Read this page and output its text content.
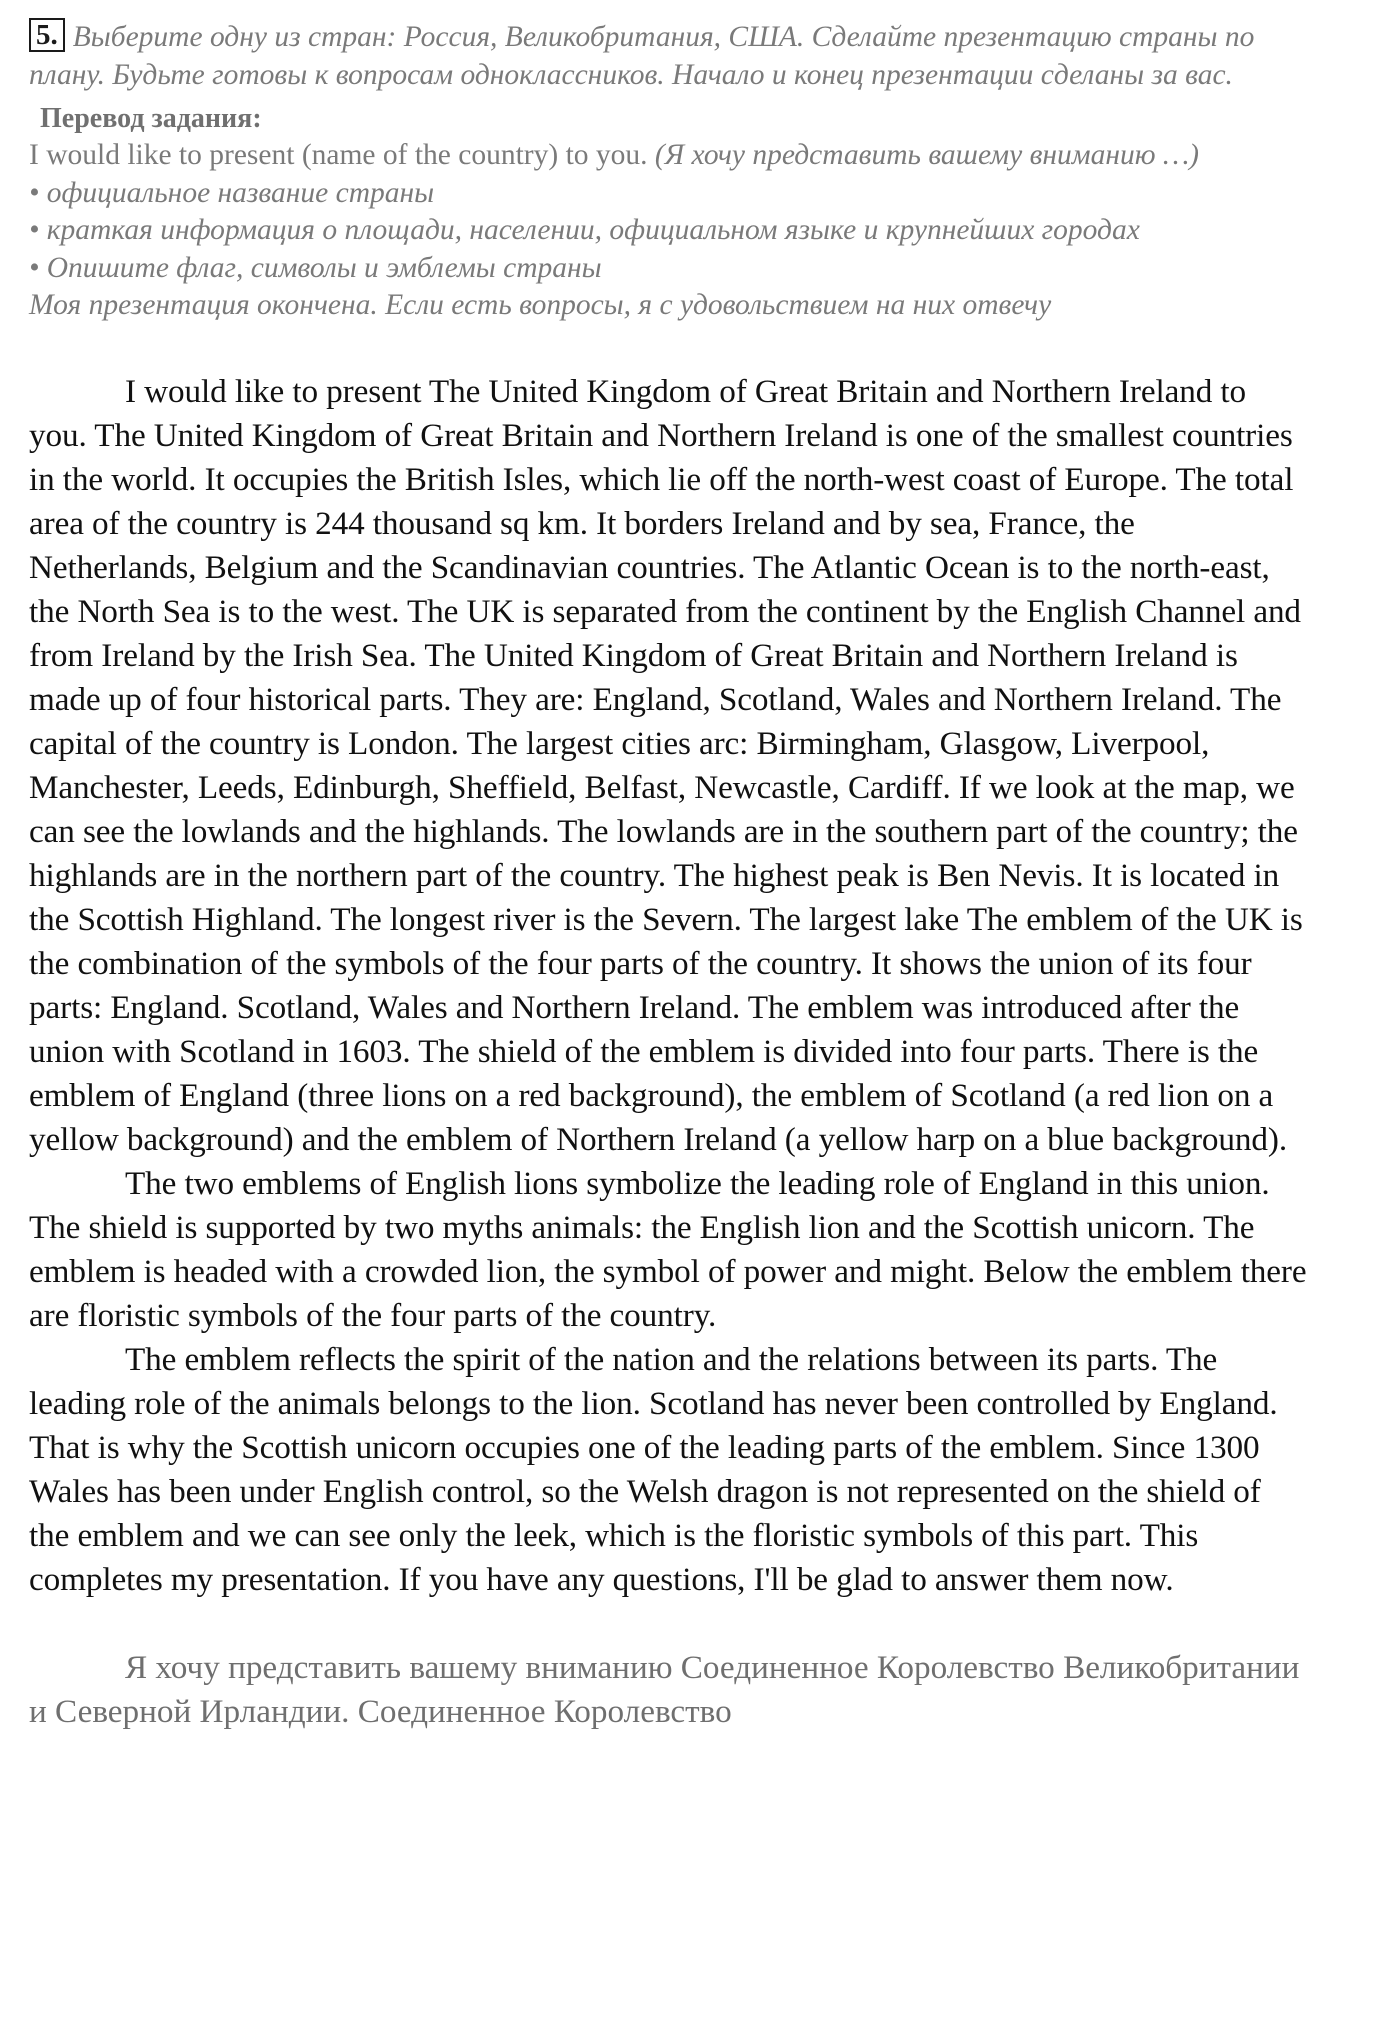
5. Выберите одну из стран: Россия, Великобритания, США. Сделайте презентацию страны по плану. Будьте готовы к вопросам одноклассников. Начало и конец презентации сделаны за вас.
Перевод задания:
I would like to present (name of the country) to you. (Я хочу представить вашему вниманию …)
• официальное название страны
• краткая информация о площади, населении, официальном языке и крупнейших городах
• Опишите флаг, символы и эмблемы страны
Моя презентация окончена. Если есть вопросы, я с удовольствием на них отвечу

I would like to present The United Kingdom of Great Britain and Northern Ireland to you. The United Kingdom of Great Britain and Northern Ireland is one of the smallest countries in the world. It occupies the British Isles, which lie off the north-west coast of Europe. The total area of the country is 244 thousand sq km. It borders Ireland and by sea, France, the Netherlands, Belgium and the Scandinavian countries. The Atlantic Ocean is to the north-east, the North Sea is to the west. The UK is separated from the continent by the English Channel and from Ireland by the Irish Sea. The United Kingdom of Great Britain and Northern Ireland is made up of four historical parts. They are: England, Scotland, Wales and Northern Ireland. The capital of the country is London. The largest cities arc: Birmingham, Glasgow, Liverpool, Manchester, Leeds, Edinburgh, Sheffield, Belfast, Newcastle, Cardiff. If we look at the map, we can see the lowlands and the highlands. The lowlands are in the southern part of the country; the highlands are in the northern part of the country. The highest peak is Ben Nevis. It is located in the Scottish Highland. The longest river is the Severn. The largest lake The emblem of the UK is the combination of the symbols of the four parts of the country. It shows the union of its four parts: England. Scotland, Wales and Northern Ireland. The emblem was introduced after the union with Scotland in 1603. The shield of the emblem is divided into four parts. There is the emblem of England (three lions on a red background), the emblem of Scotland (a red lion on a yellow background) and the emblem of Northern Ireland (a yellow harp on a blue background).

The two emblems of English lions symbolize the leading role of England in this union. The shield is supported by two myths animals: the English lion and the Scottish unicorn. The emblem is headed with a crowded lion, the symbol of power and might. Below the emblem there are floristic symbols of the four parts of the country.

The emblem reflects the spirit of the nation and the relations between its parts. The leading role of the animals belongs to the lion. Scotland has never been controlled by England. That is why the Scottish unicorn occupies one of the leading parts of the emblem. Since 1300 Wales has been under English control, so the Welsh dragon is not represented on the shield of the emblem and we can see only the leek, which is the floristic symbols of this part. This completes my presentation. If you have any questions, I'll be glad to answer them now.

Я хочу представить вашему вниманию Соединенное Королевство Великобритании и Северной Ирландии. Соединенное Королевство
